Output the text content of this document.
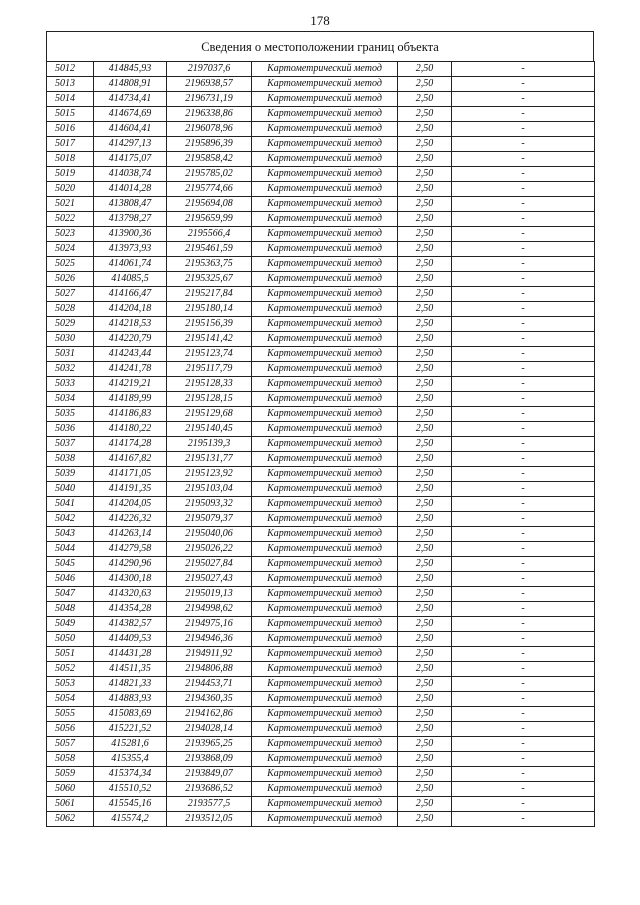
178
Сведения о местоположении границ объекта
5012	414845,93	2197037,6	Картометрический метод	2,50	-
5013	414808,91	2196938,57	Картометрический метод	2,50	-
5014	414734,41	2196731,19	Картометрический метод	2,50	-
5015	414674,69	2196338,86	Картометрический метод	2,50	-
5016	414604,41	2196078,96	Картометрический метод	2,50	-
5017	414297,13	2195896,39	Картометрический метод	2,50	-
5018	414175,07	2195858,42	Картометрический метод	2,50	-
5019	414038,74	2195785,02	Картометрический метод	2,50	-
5020	414014,28	2195774,66	Картометрический метод	2,50	-
5021	413808,47	2195694,08	Картометрический метод	2,50	-
5022	413798,27	2195659,99	Картометрический метод	2,50	-
5023	413900,36	2195566,4	Картометрический метод	2,50	-
5024	413973,93	2195461,59	Картометрический метод	2,50	-
5025	414061,74	2195363,75	Картометрический метод	2,50	-
5026	414085,5	2195325,67	Картометрический метод	2,50	-
5027	414166,47	2195217,84	Картометрический метод	2,50	-
5028	414204,18	2195180,14	Картометрический метод	2,50	-
5029	414218,53	2195156,39	Картометрический метод	2,50	-
5030	414220,79	2195141,42	Картометрический метод	2,50	-
5031	414243,44	2195123,74	Картометрический метод	2,50	-
5032	414241,78	2195117,79	Картометрический метод	2,50	-
5033	414219,21	2195128,33	Картометрический метод	2,50	-
5034	414189,99	2195128,15	Картометрический метод	2,50	-
5035	414186,83	2195129,68	Картометрический метод	2,50	-
5036	414180,22	2195140,45	Картометрический метод	2,50	-
5037	414174,28	2195139,3	Картометрический метод	2,50	-
5038	414167,82	2195131,77	Картометрический метод	2,50	-
5039	414171,05	2195123,92	Картометрический метод	2,50	-
5040	414191,35	2195103,04	Картометрический метод	2,50	-
5041	414204,05	2195093,32	Картометрический метод	2,50	-
5042	414226,32	2195079,37	Картометрический метод	2,50	-
5043	414263,14	2195040,06	Картометрический метод	2,50	-
5044	414279,58	2195026,22	Картометрический метод	2,50	-
5045	414290,96	2195027,84	Картометрический метод	2,50	-
5046	414300,18	2195027,43	Картометрический метод	2,50	-
5047	414320,63	2195019,13	Картометрический метод	2,50	-
5048	414354,28	2194998,62	Картометрический метод	2,50	-
5049	414382,57	2194975,16	Картометрический метод	2,50	-
5050	414409,53	2194946,36	Картометрический метод	2,50	-
5051	414431,28	2194911,92	Картометрический метод	2,50	-
5052	414511,35	2194806,88	Картометрический метод	2,50	-
5053	414821,33	2194453,71	Картометрический метод	2,50	-
5054	414883,93	2194360,35	Картометрический метод	2,50	-
5055	415083,69	2194162,86	Картометрический метод	2,50	-
5056	415221,52	2194028,14	Картометрический метод	2,50	-
5057	415281,6	2193965,25	Картометрический метод	2,50	-
5058	415355,4	2193868,09	Картометрический метод	2,50	-
5059	415374,34	2193849,07	Картометрический метод	2,50	-
5060	415510,52	2193686,52	Картометрический метод	2,50	-
5061	415545,16	2193577,5	Картометрический метод	2,50	-
5062	415574,2	2193512,05	Картометрический метод	2,50	-
